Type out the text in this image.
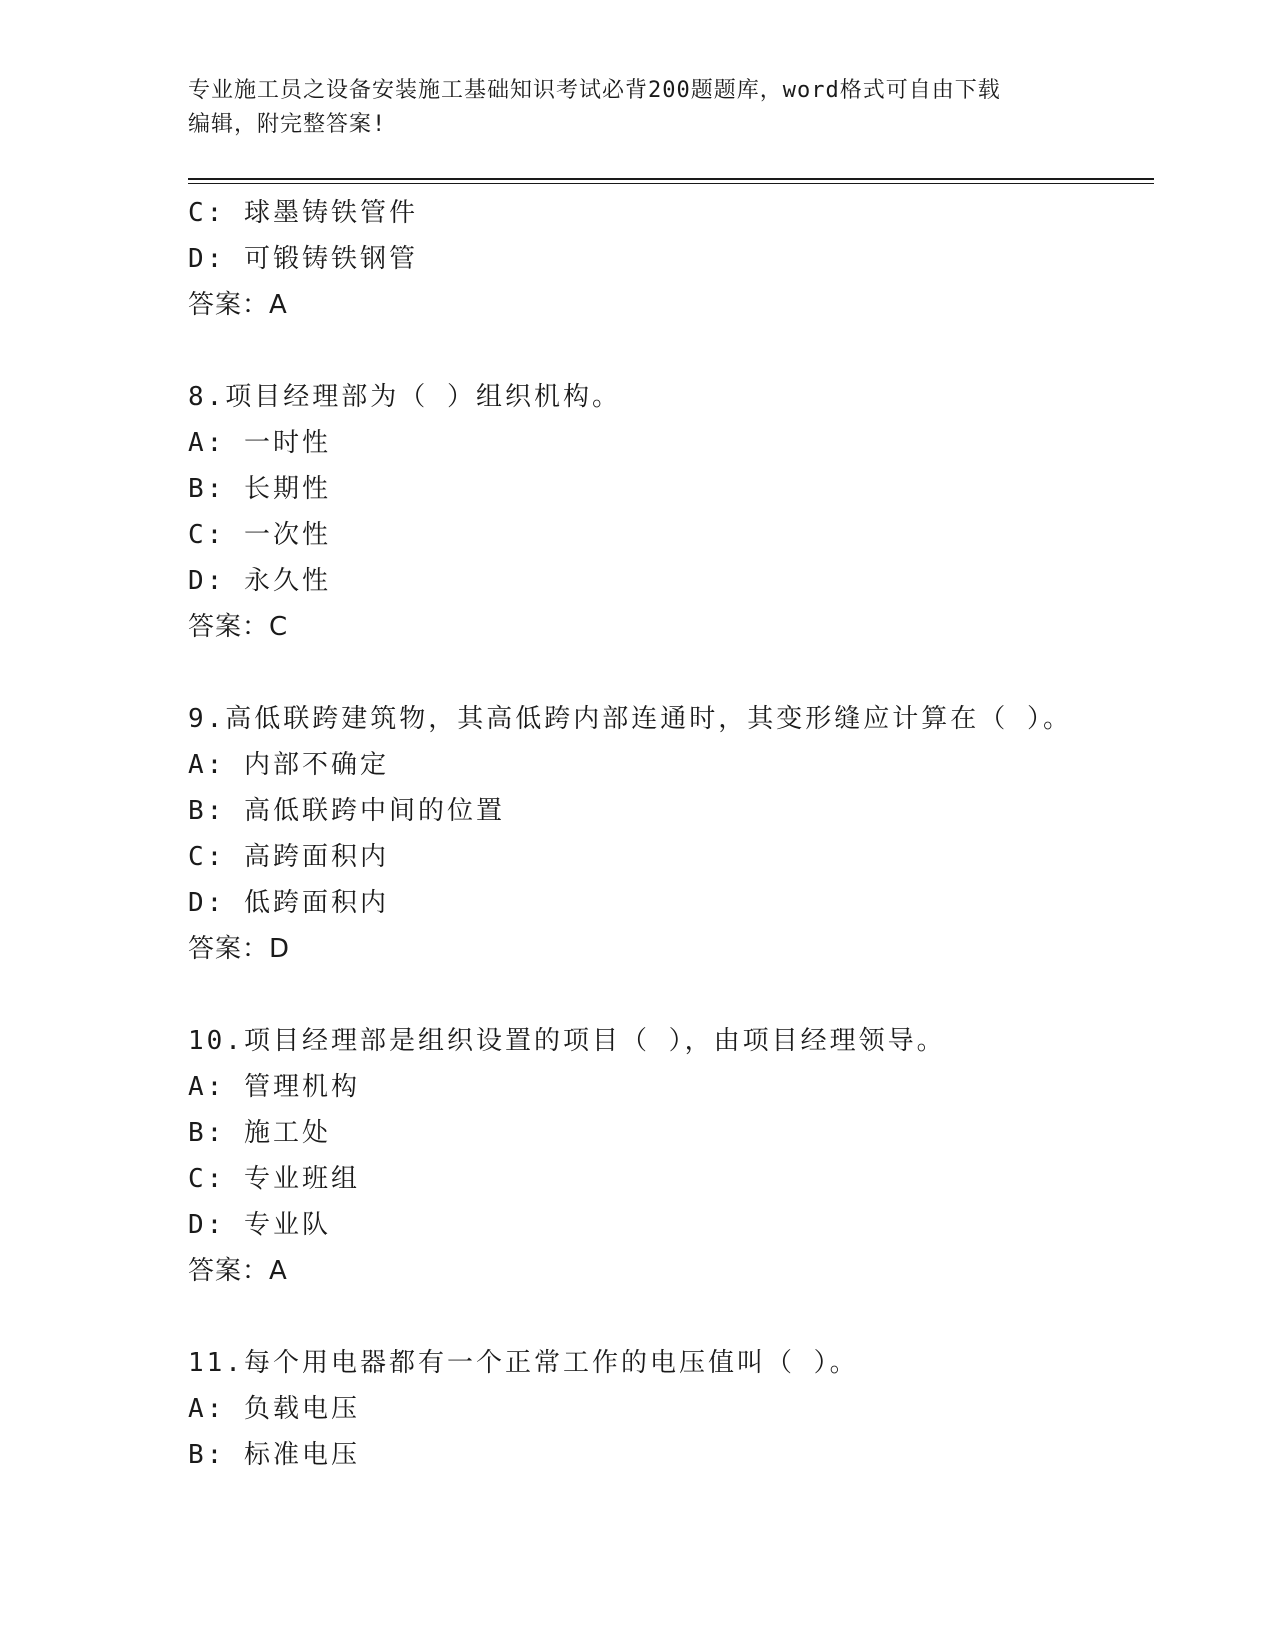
专业施工员之设备安装施工基础知识考试必背200题题库，word格式可自由下载
编辑，附完整答案!
C: 球墨铸铁管件
D: 可锻铸铁钢管
答案：A
8.项目经理部为（ ）组织机构。
A: 一时性
B: 长期性
C: 一次性
D: 永久性
答案：C
9.高低联跨建筑物，其高低跨内部连通时，其变形缝应计算在（ ）。
A: 内部不确定
B: 高低联跨中间的位置
C: 高跨面积内
D: 低跨面积内
答案：D
10.项目经理部是组织设置的项目（ ），由项目经理领导。
A: 管理机构
B: 施工处
C: 专业班组
D: 专业队
答案：A
11.每个用电器都有一个正常工作的电压值叫（ ）。
A: 负载电压
B: 标准电压
